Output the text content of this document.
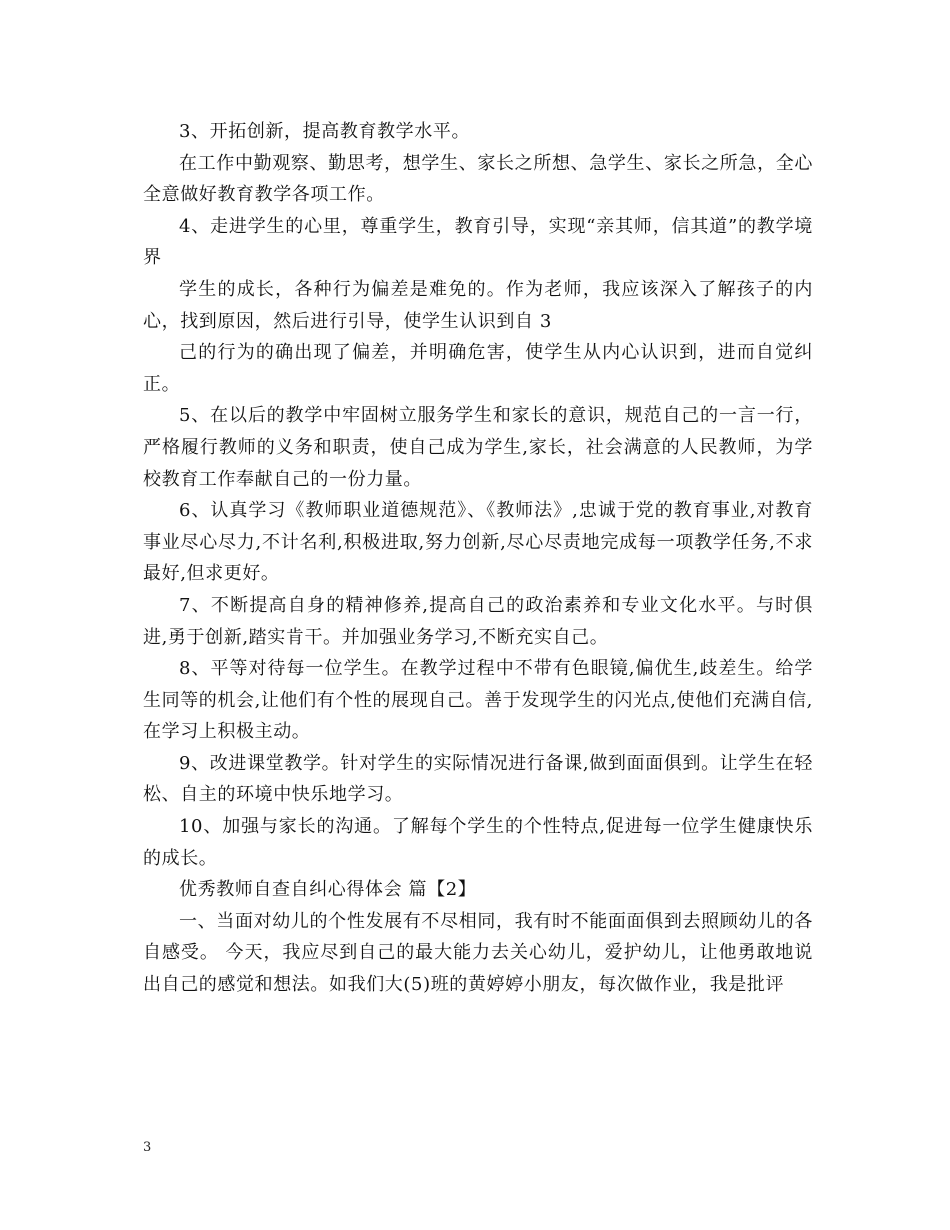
3、开拓创新，提高教育教学水平。

在工作中勤观察、勤思考，想学生、家长之所想、急学生、家长之所急，全心全意做好教育教学各项工作。

4、走进学生的心里，尊重学生，教育引导，实现“亲其师，信其道”的教学境界

学生的成长，各种行为偏差是难免的。作为老师，我应该深入了解孩子的内心，找到原因，然后进行引导，使学生认识到自 3

己的行为的确出现了偏差，并明确危害，使学生从内心认识到，进而自觉纠正。

5、在以后的教学中牢固树立服务学生和家长的意识，规范自己的一言一行，严格履行教师的义务和职责，使自己成为学生,家长，社会满意的人民教师，为学校教育工作奉献自己的一份力量。

6、认真学习《教师职业道德规范》、《教师法》,忠诚于党的教育事业,对教育事业尽心尽力,不计名利,积极进取,努力创新,尽心尽责地完成每一项教学任务,不求最好,但求更好。

7、不断提高自身的精神修养,提高自己的政治素养和专业文化水平。与时俱进,勇于创新,踏实肯干。并加强业务学习,不断充实自己。

8、平等对待每一位学生。在教学过程中不带有色眼镜,偏优生,歧差生。给学生同等的机会,让他们有个性的展现自己。善于发现学生的闪光点,使他们充满自信,在学习上积极主动。

9、改进课堂教学。针对学生的实际情况进行备课,做到面面俱到。让学生在轻松、自主的环境中快乐地学习。

10、加强与家长的沟通。了解每个学生的个性特点,促进每一位学生健康快乐的成长。

优秀教师自查自纠心得体会 篇【2】

一、当面对幼儿的个性发展有不尽相同，我有时不能面面俱到去照顾幼儿的各自感受。 今天，我应尽到自己的最大能力去关心幼儿，爱护幼儿，让他勇敢地说出自己的感觉和想法。如我们大(5)班的黄婷婷小朋友，每次做作业，我是批评

3
